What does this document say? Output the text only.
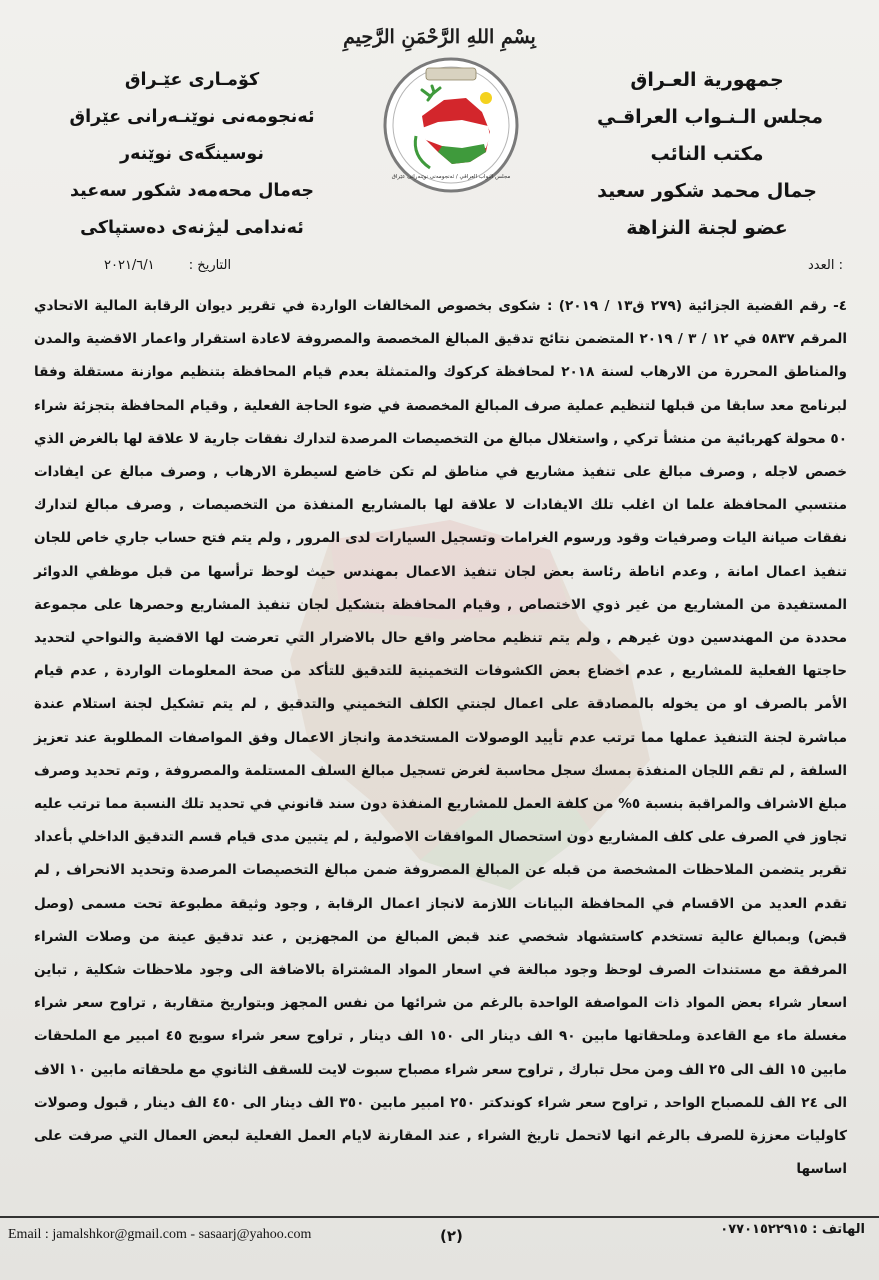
بِسْمِ اللهِ الرَّحْمَنِ الرَّحِيمِ
جمهورية العـراق
مجلس الـنـواب العراقـي
مكتب النائب
جمال محمد شكور سعيد
عضو لجنة النزاهة
كۆمـارى عێـراق
ئەنجومەنى نوێنـەرانى عێراق
نوسینگەى نوێنەر
جەمال محەمەد شكور سەعید
ئەندامى لیژنەى دەستپاكى
مجلس النواب العراقي / ئەنجومەنى نوێنەرانى عێراق
العدد :
التاريخ : ٢٠٢١/٦/١
٤- رقم القضية الجزائية (٢٧٩ ق١٣ / ٢٠١٩) : شكوى بخصوص المخالفات الواردة في تقرير ديوان الرقابة المالية الاتحادي المرقم ٥٨٣٧ في ١٢ / ٣ / ٢٠١٩ المتضمن نتائج تدقيق المبالغ المخصصة والمصروفة لاعادة استقرار واعمار الاقضية والمدن والمناطق المحررة من الارهاب لسنة ٢٠١٨ لمحافظة كركوك والمتمثلة بعدم قيام المحافظة بتنظيم موازنة مستقلة وفقا لبرنامج معد سابقا من قبلها لتنظيم عملية صرف المبالغ المخصصة في ضوء الحاجة الفعلية , وقيام المحافظة بتجزئة شراء ٥٠ محولة كهربائية من منشأ تركي , واستغلال مبالغ من التخصيصات المرصدة لتدارك نفقات جارية لا علاقة لها بالغرض الذي خصص لاجله , وصرف مبالغ على تنفيذ مشاريع في مناطق لم تكن خاضع لسيطرة الارهاب , وصرف مبالغ عن ايفادات منتسبي المحافظة علما ان اغلب تلك الايفادات لا علاقة لها بالمشاريع المنفذة من التخصيصات , وصرف مبالغ لتدارك نفقات صيانة اليات وصرفيات وقود ورسوم الغرامات وتسجيل السيارات لدى المرور , ولم يتم فتح حساب جاري خاص للجان تنفيذ اعمال امانة , وعدم اناطة رئاسة بعض لجان تنفيذ الاعمال بمهندس حيث لوحظ ترأسها من قبل موظفي الدوائر المستفيدة من المشاريع من غير ذوي الاختصاص , وقيام المحافظة بتشكيل لجان تنفيذ المشاريع وحصرها على مجموعة محددة من المهندسين دون غيرهم , ولم يتم تنظيم محاضر واقع حال بالاضرار التي تعرضت لها الاقضية والنواحي لتحديد حاجتها الفعلية للمشاريع , عدم اخضاع بعض الكشوفات التخمينية للتدقيق للتأكد من صحة المعلومات الواردة , عدم قيام الأمر بالصرف او من يخوله بالمصادقة على اعمال لجنتي الكلف التخميني والتدقيق , لم يتم تشكيل لجنة استلام عندة مباشرة لجنة التنفيذ عملها مما ترتب عدم تأييد الوصولات المستخدمة وانجاز الاعمال وفق المواصفات المطلوبة عند تعزيز السلفة , لم تقم اللجان المنفذة بمسك سجل محاسبة لغرض تسجيل مبالغ السلف المستلمة والمصروفة , وتم تحديد وصرف مبلغ الاشراف والمراقبة بنسبة ٥% من كلفة العمل للمشاريع المنفذة دون سند قانوني في تحديد تلك النسبة مما ترتب عليه تجاوز في الصرف على كلف المشاريع دون استحصال الموافقات الاصولية , لم يتبين مدى قيام قسم التدقيق الداخلي بأعداد تقرير يتضمن الملاحظات المشخصة من قبله عن المبالغ المصروفة ضمن مبالغ التخصيصات المرصدة وتحديد الانحراف , لم تقدم العديد من الاقسام في المحافظة البيانات اللازمة لانجاز اعمال الرقابة , وجود وثيقة مطبوعة تحت مسمى (وصل قبض) وبمبالغ عالية تستخدم كاستشهاد شخصي عند قبض المبالغ من المجهزين , عند تدقيق عينة من وصلات الشراء المرفقة مع مستندات الصرف لوحظ وجود مبالغة في اسعار المواد المشتراة بالاضافة الى وجود ملاحظات شكلية , تباين اسعار شراء بعض المواد ذات المواصفة الواحدة بالرغم من شرائها من نفس المجهز وبتواريخ متقاربة , تراوح سعر شراء مغسلة ماء مع القاعدة وملحقاتها مابين ٩٠ الف دينار الى ١٥٠ الف دينار , تراوح سعر شراء سويج ٤٥ امبير مع الملحقات مابين ١٥ الف الى ٢٥ الف ومن محل تبارك , تراوح سعر شراء مصباح سبوت لايت للسقف الثانوي مع ملحقاته مابين ١٠ الاف الى ٢٤ الف للمصباح الواحد , تراوح سعر شراء كوندكتر ٢٥٠ امبير مابين ٣٥٠ الف دينار الى ٤٥٠ الف دينار , قبول وصولات كاوليات معززة للصرف بالرغم انها لاتحمل تاريخ الشراء , عند المقارنة لايام العمل الفعلية لبعض العمال التي صرفت على اساسها
Email : jamalshkor@gmail.com - sasaarj@yahoo.com	(٢)	الهاتف : ٠٧٧٠١٥٢٢٩١٥
